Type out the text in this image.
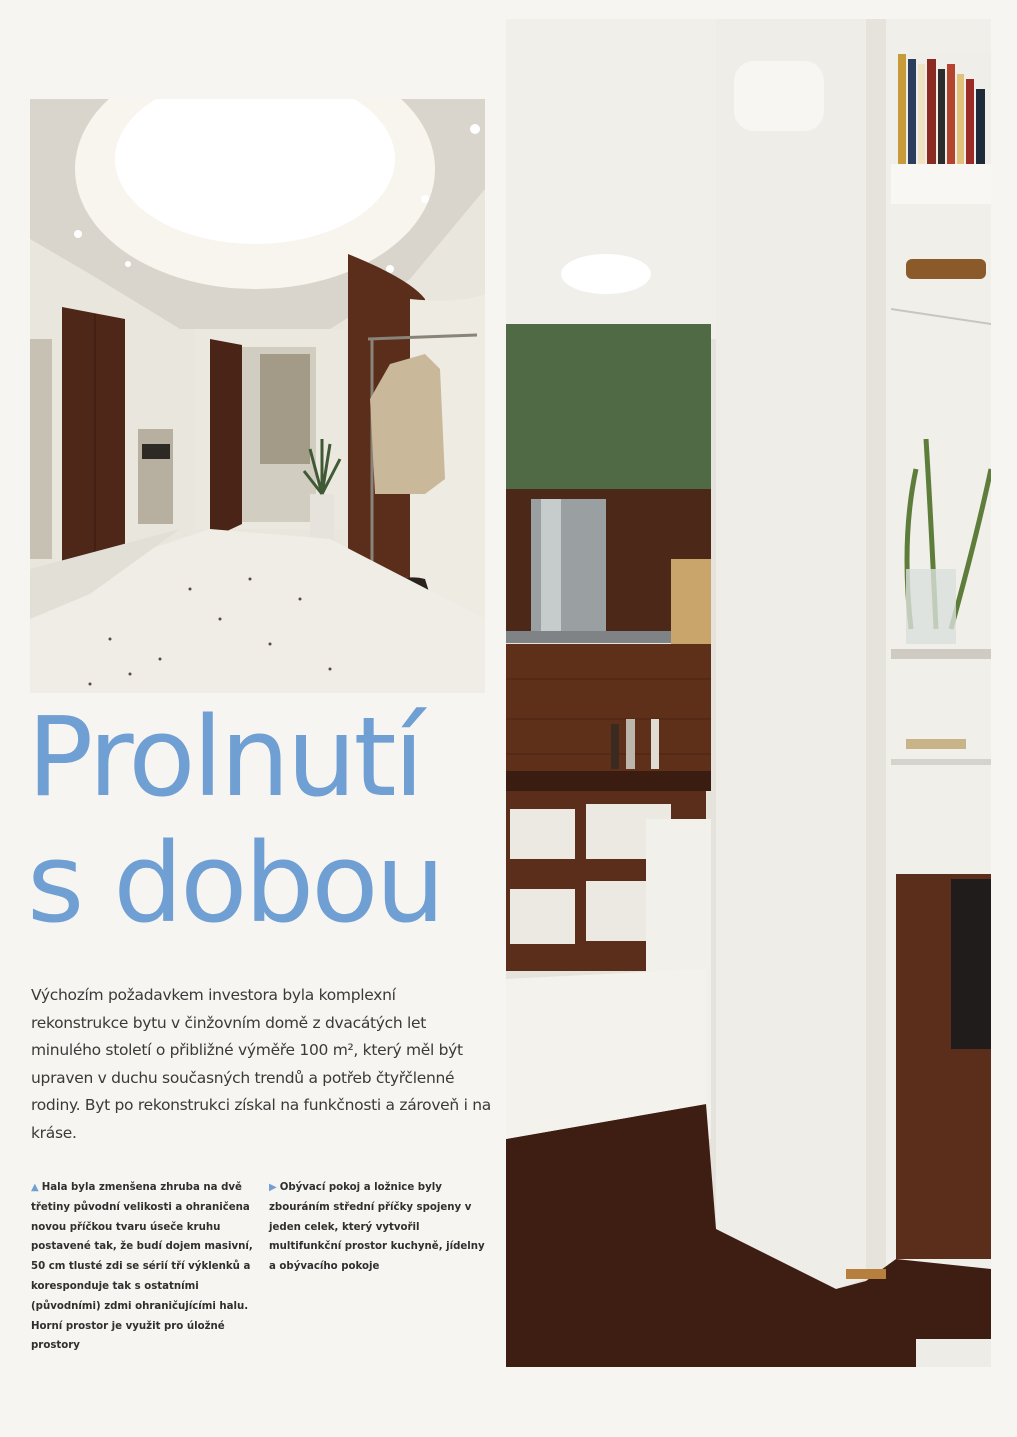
Prolnutí
s dobou

Výchozím požadavkem investora byla komplexní rekonstrukce bytu v činžovním domě z dvacátých let minulého století o přibližné výměře 100 m², který měl být upraven v duchu současných trendů a potřeb čtyřčlenné rodiny. Byt po rekonstrukci získal na funkčnosti a zároveň i na kráse.

▲ Hala byla zmenšena zhruba na dvě třetiny původní velikosti a ohraničena novou příčkou tvaru úseče kruhu postavené tak, že budí dojem masivní, 50 cm tlusté zdi se sérií tří výklenků a koresponduje tak s ostatními (původními) zdmi ohraničujícími halu. Horní prostor je využit pro úložné prostory

▶ Obývací pokoj a ložnice byly zbouráním střední příčky spojeny v jeden celek, který vytvořil multifunkční prostor kuchyně, jídelny a obývacího pokoje
